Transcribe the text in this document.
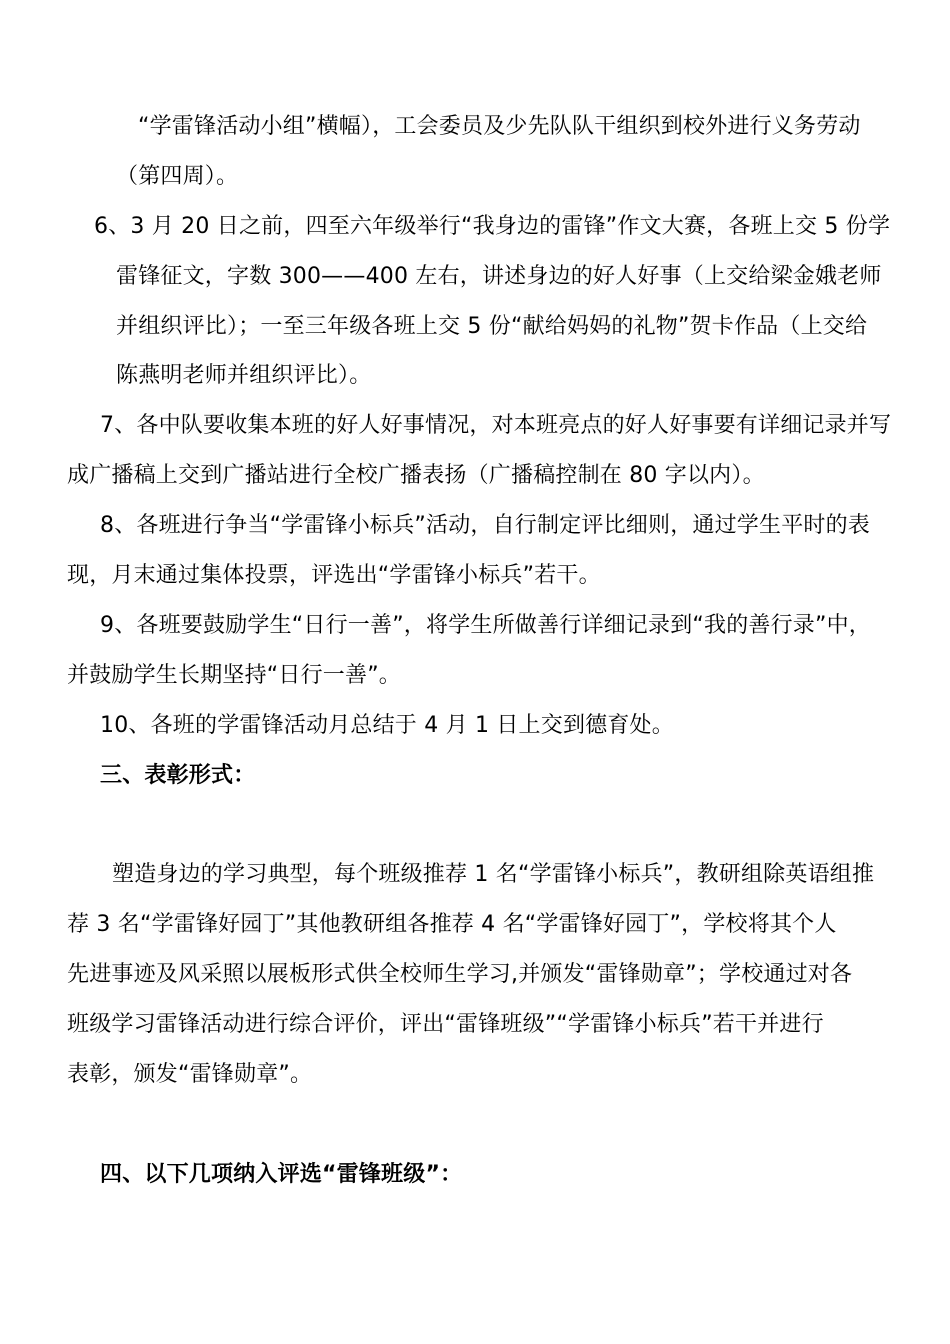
“学雷锋活动小组”横幅），工会委员及少先队队干组织到校外进行义务劳动
（第四周）。
6、3 月 20 日之前，四至六年级举行“我身边的雷锋”作文大赛，各班上交 5 份学
雷锋征文，字数 300——400 左右，讲述身边的好人好事（上交给梁金娥老师
并组织评比）；一至三年级各班上交 5 份“献给妈妈的礼物”贺卡作品（上交给
陈燕明老师并组织评比）。
7、各中队要收集本班的好人好事情况，对本班亮点的好人好事要有详细记录并写
成广播稿上交到广播站进行全校广播表扬（广播稿控制在 80 字以内）。
8、各班进行争当“学雷锋小标兵”活动，自行制定评比细则，通过学生平时的表
现，月末通过集体投票，评选出“学雷锋小标兵”若干。
9、各班要鼓励学生“日行一善”，将学生所做善行详细记录到“我的善行录”中，
并鼓励学生长期坚持“日行一善”。
10、各班的学雷锋活动月总结于 4 月 1 日上交到德育处。
三、表彰形式：
塑造身边的学习典型，每个班级推荐 1 名“学雷锋小标兵”，教研组除英语组推
荐 3 名“学雷锋好园丁”其他教研组各推荐 4 名“学雷锋好园丁”，学校将其个人
先进事迹及风采照以展板形式供全校师生学习,并颁发“雷锋勋章”；学校通过对各
班级学习雷锋活动进行综合评价，评出“雷锋班级”“学雷锋小标兵”若干并进行
表彰，颁发“雷锋勋章”。
四、以下几项纳入评选“雷锋班级”：
